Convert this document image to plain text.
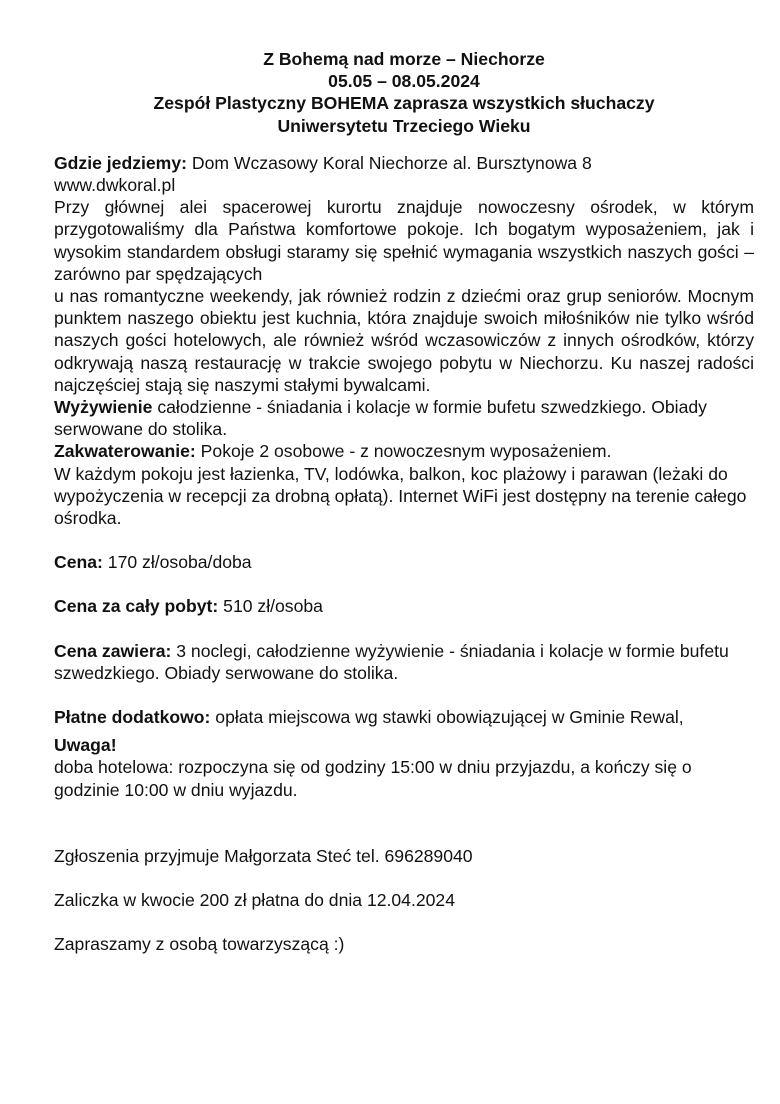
Z Bohemą nad morze – Niechorze
05.05 – 08.05.2024
Zespół Plastyczny BOHEMA zaprasza wszystkich słuchaczy
Uniwersytetu Trzeciego Wieku
Gdzie jedziemy: Dom Wczasowy Koral Niechorze al. Bursztynowa 8
www.dwkoral.pl
Przy głównej alei spacerowej kurortu znajduje nowoczesny ośrodek, w którym przygotowaliśmy dla Państwa komfortowe pokoje. Ich bogatym wyposażeniem, jak i wysokim standardem obsługi staramy się spełnić wymagania wszystkich naszych gości – zarówno par spędzających
u nas romantyczne weekendy, jak również rodzin z dziećmi oraz grup seniorów. Mocnym punktem naszego obiektu jest kuchnia, która znajduje swoich miłośników nie tylko wśród naszych gości hotelowych, ale również wśród wczasowiczów z innych ośrodków, którzy odkrywają naszą restaurację w trakcie swojego pobytu w Niechorzu. Ku naszej radości najczęściej stają się naszymi stałymi bywalcami.
Wyżywienie całodzienne - śniadania i kolacje w formie bufetu szwedzkiego. Obiady serwowane do stolika.
Zakwaterowanie: Pokoje 2 osobowe - z nowoczesnym wyposażeniem.
W każdym pokoju jest łazienka, TV, lodówka, balkon, koc plażowy i parawan (leżaki do wypożyczenia w recepcji za drobną opłatą). Internet WiFi jest dostępny na terenie całego ośrodka.
Cena: 170 zł/osoba/doba
Cena za cały pobyt: 510 zł/osoba
Cena zawiera: 3 noclegi, całodzienne wyżywienie - śniadania i kolacje w formie bufetu szwedzkiego. Obiady serwowane do stolika.
Płatne dodatkowo: opłata miejscowa wg stawki obowiązującej w Gminie Rewal,
Uwaga!
doba hotelowa: rozpoczyna się od godziny 15:00 w dniu przyjazdu, a kończy się o godzinie 10:00 w dniu wyjazdu.
Zgłoszenia przyjmuje Małgorzata Steć tel. 696289040
Zaliczka w kwocie 200 zł płatna do dnia 12.04.2024
Zapraszamy z osobą towarzyszącą :)
